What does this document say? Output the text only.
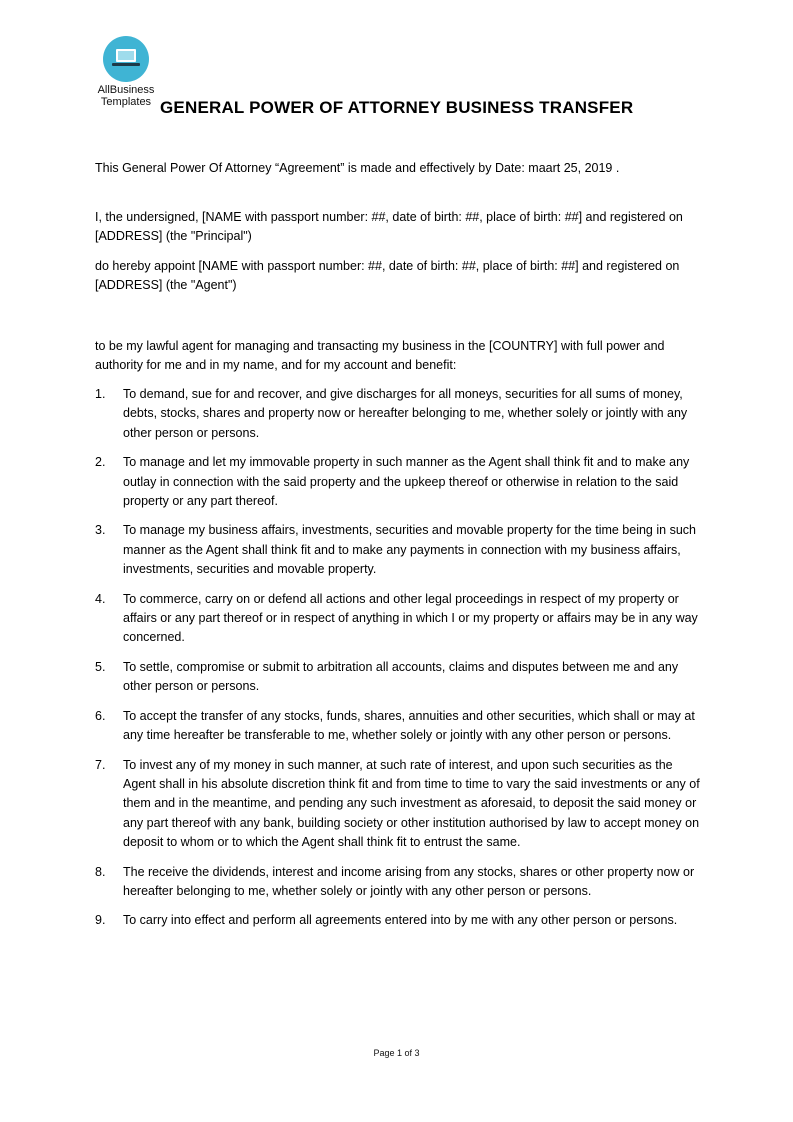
AllBusiness
Templates GENERAL POWER OF ATTORNEY BUSINESS TRANSFER
This General Power Of Attorney “Agreement” is made and effectively by Date: maart 25, 2019 .
I, the undersigned, [NAME with passport number: ##, date of birth: ##, place of birth: ##] and registered on [ADDRESS] (the "Principal")
do hereby appoint [NAME with passport number: ##, date of birth: ##, place of birth: ##] and registered on [ADDRESS] (the "Agent")
to be my lawful agent for managing and transacting my business in the [COUNTRY] with full power and authority for me and in my name, and for my account and benefit:
1. To demand, sue for and recover, and give discharges for all moneys, securities for all sums of money, debts, stocks, shares and property now or hereafter belonging to me, whether solely or jointly with any other person or persons.
2. To manage and let my immovable property in such manner as the Agent shall think fit and to make any outlay in connection with the said property and the upkeep thereof or otherwise in relation to the said property or any part thereof.
3. To manage my business affairs, investments, securities and movable property for the time being in such manner as the Agent shall think fit and to make any payments in connection with my business affairs, investments, securities and movable property.
4. To commerce, carry on or defend all actions and other legal proceedings in respect of my property or affairs or any part thereof or in respect of anything in which I or my property or affairs may be in any way concerned.
5. To settle, compromise or submit to arbitration all accounts, claims and disputes between me and any other person or persons.
6. To accept the transfer of any stocks, funds, shares, annuities and other securities, which shall or may at any time hereafter be transferable to me, whether solely or jointly with any other person or persons.
7. To invest any of my money in such manner, at such rate of interest, and upon such securities as the Agent shall in his absolute discretion think fit and from time to time to vary the said investments or any of them and in the meantime, and pending any such investment as aforesaid, to deposit the said money or any part thereof with any bank, building society or other institution authorised by law to accept money on deposit to whom or to which the Agent shall think fit to entrust the same.
8. The receive the dividends, interest and income arising from any stocks, shares or other property now or hereafter belonging to me, whether solely or jointly with any other person or persons.
9. To carry into effect and perform all agreements entered into by me with any other person or persons.
Page 1 of 3
